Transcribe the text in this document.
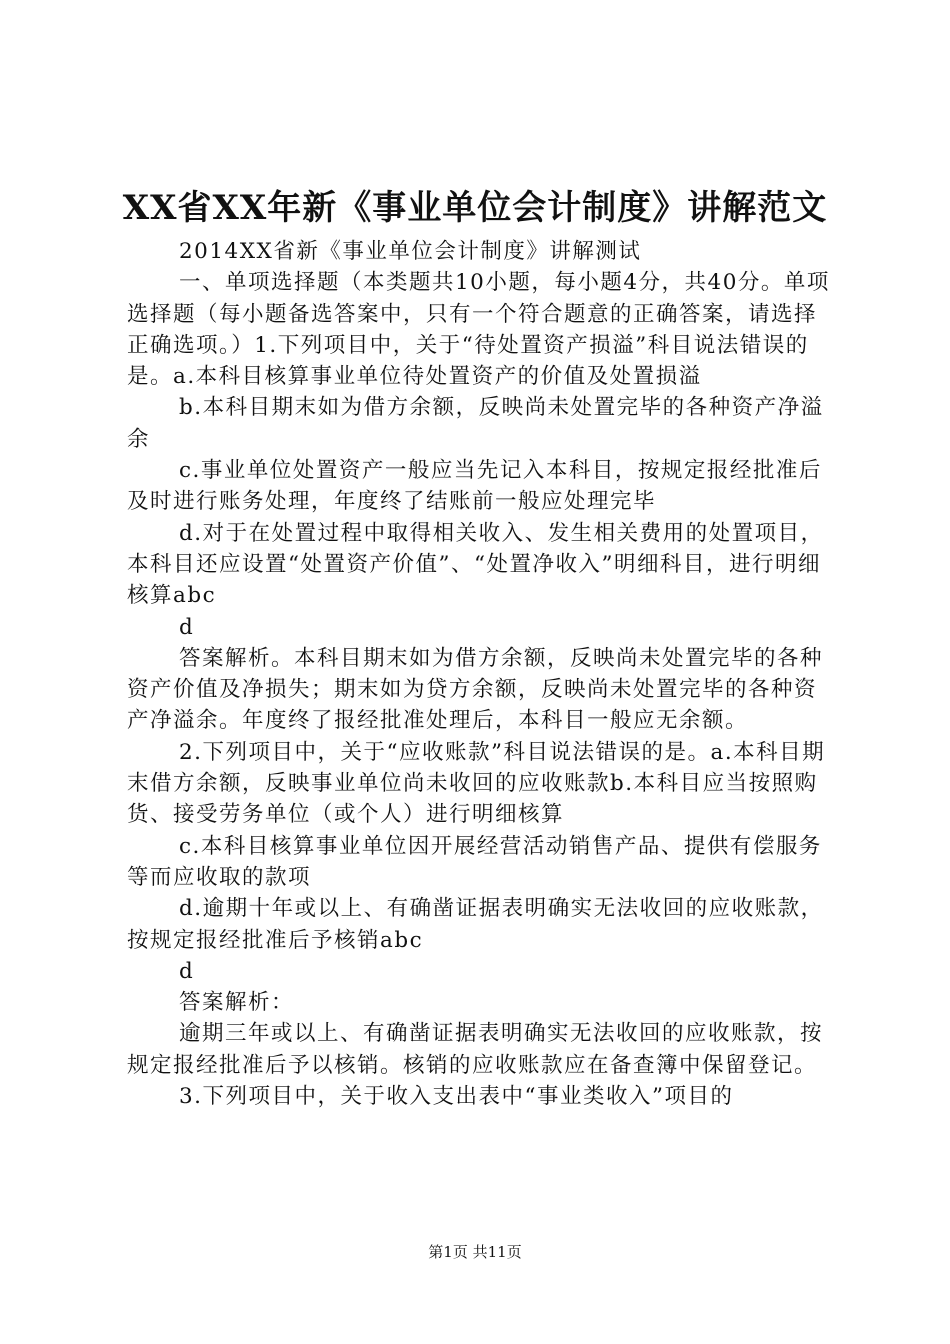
XX省XX年新《事业单位会计制度》讲解范文

2014XX省新《事业单位会计制度》讲解测试

一、单项选择题（本类题共10小题，每小题4分，共40分。单项选择题（每小题备选答案中，只有一个符合题意的正确答案，请选择正确选项。）1.下列项目中，关于“待处置资产损溢”科目说法错误的是。a.本科目核算事业单位待处置资产的价值及处置损溢

b.本科目期末如为借方余额，反映尚未处置完毕的各种资产净溢余

c.事业单位处置资产一般应当先记入本科目，按规定报经批准后及时进行账务处理，年度终了结账前一般应处理完毕

d.对于在处置过程中取得相关收入、发生相关费用的处置项目，本科目还应设置“处置资产价值”、“处置净收入”明细科目，进行明细核算abc

d

答案解析。本科目期末如为借方余额，反映尚未处置完毕的各种资产价值及净损失；期末如为贷方余额，反映尚未处置完毕的各种资产净溢余。年度终了报经批准处理后，本科目一般应无余额。

2.下列项目中，关于“应收账款”科目说法错误的是。a.本科目期末借方余额，反映事业单位尚未收回的应收账款b.本科目应当按照购货、接受劳务单位（或个人）进行明细核算

c.本科目核算事业单位因开展经营活动销售产品、提供有偿服务等而应收取的款项

d.逾期十年或以上、有确凿证据表明确实无法收回的应收账款，按规定报经批准后予核销abc

d

答案解析：

逾期三年或以上、有确凿证据表明确实无法收回的应收账款，按规定报经批准后予以核销。核销的应收账款应在备查簿中保留登记。

3.下列项目中，关于收入支出表中“事业类收入”项目的

第1页 共11页
